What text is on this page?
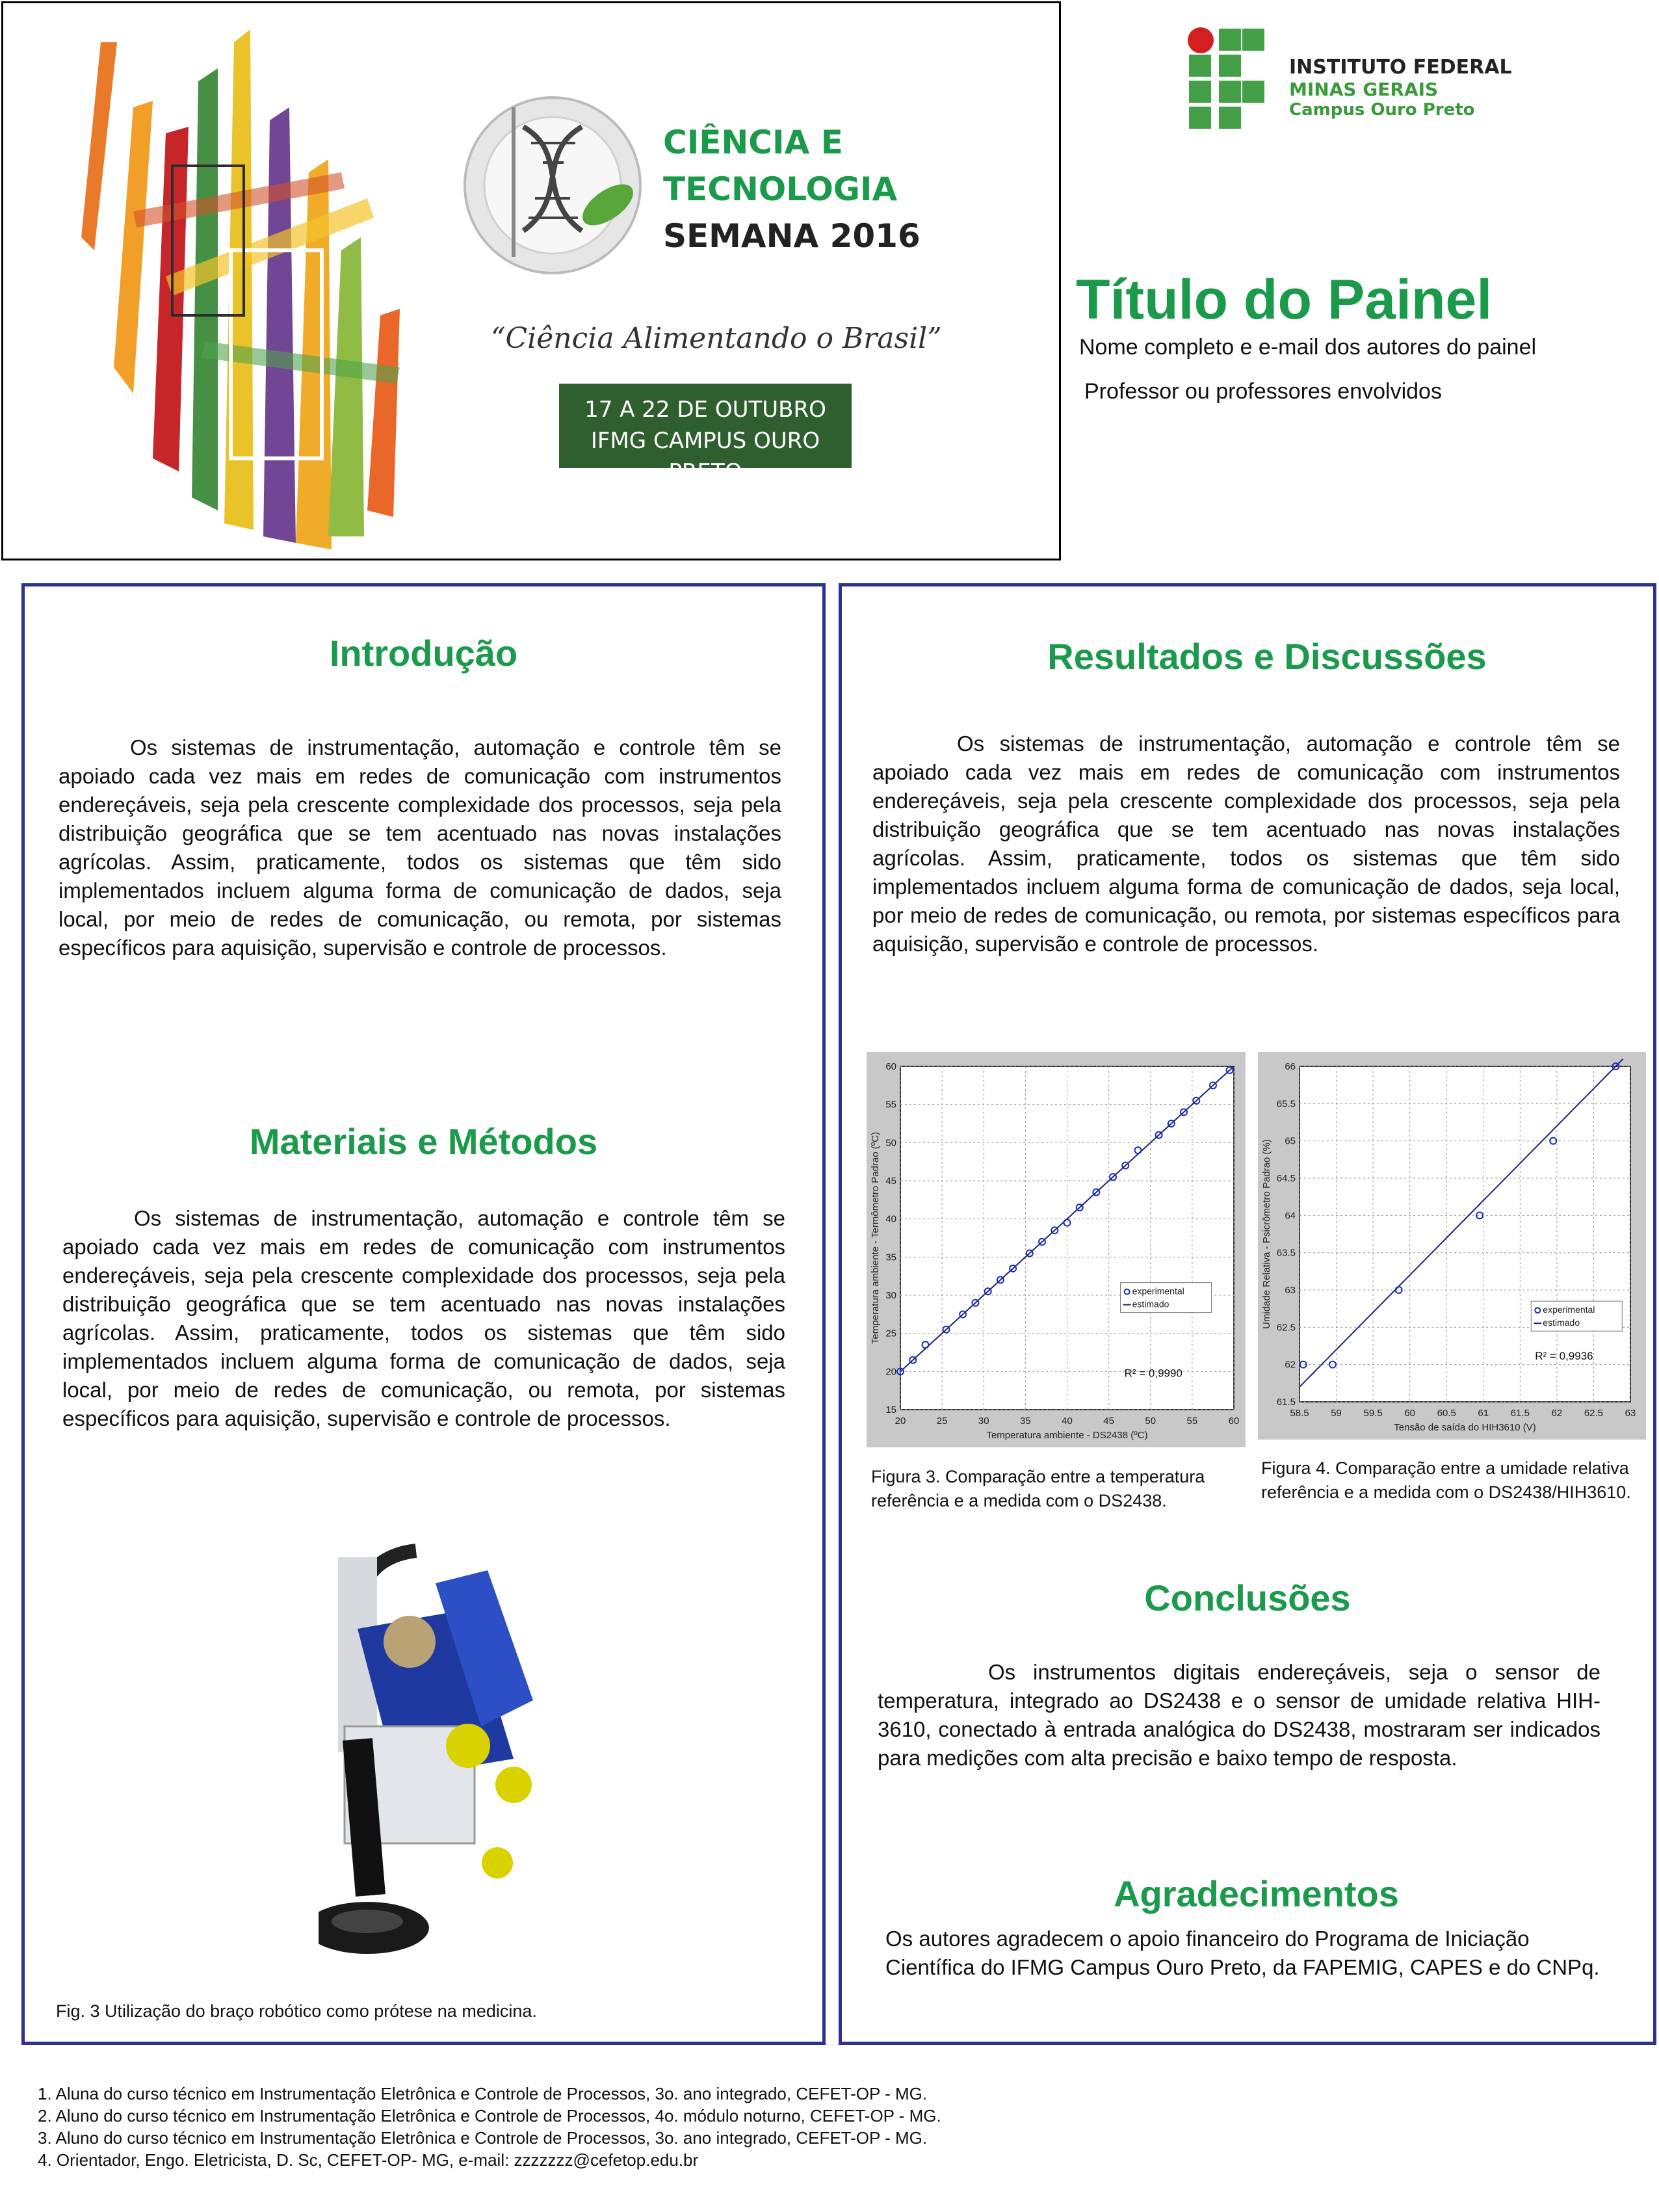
CIÊNCIA E
TECNOLOGIA
SEMANA 2016
“Ciência Alimentando o Brasil”
17 A 22 DE OUTUBRO
IFMG CAMPUS OURO PRETO
INSTITUTO FEDERAL
MINAS GERAIS
Campus Ouro Preto
Título do Painel
Nome completo e e-mail dos autores do painel
Professor ou professores envolvidos
Introdução

Os sistemas de instrumentação, automação e controle têm se apoiado cada vez mais em redes de comunicação com instrumentos endereçáveis, seja pela crescente complexidade dos processos, seja pela distribuição geográfica que se tem acentuado nas novas instalações agrícolas. Assim, praticamente, todos os sistemas que têm sido implementados incluem alguma forma de comunicação de dados, seja local, por meio de redes de comunicação, ou remota, por sistemas específicos para aquisição, supervisão e controle de processos.

Materiais e Métodos

Os sistemas de instrumentação, automação e controle têm se apoiado cada vez mais em redes de comunicação com instrumentos endereçáveis, seja pela crescente complexidade dos processos, seja pela distribuição geográfica que se tem acentuado nas novas instalações agrícolas. Assim, praticamente, todos os sistemas que têm sido implementados incluem alguma forma de comunicação de dados, seja local, por meio de redes de comunicação, ou remota, por sistemas específicos para aquisição, supervisão e controle de processos.

Fig. 3 Utilização do braço robótico como prótese na medicina.
Resultados e Discussões

Os sistemas de instrumentação, automação e controle têm se apoiado cada vez mais em redes de comunicação com instrumentos endereçáveis, seja pela crescente complexidade dos processos, seja pela distribuição geográfica que se tem acentuado nas novas instalações agrícolas. Assim, praticamente, todos os sistemas que têm sido implementados incluem alguma forma de comunicação de dados, seja local, por meio de redes de comunicação, ou remota, por sistemas específicos para aquisição, supervisão e controle de processos.

20	25	30	35	40	45	50	55	60
15
20
25
30
35
40
45
50
55
60
Temperatura ambiente - DS2438 (ºC)
Temperatura ambiente - Termômetro Padrao (ºC)	experimental
estimado
R² = 0,9990
58.5 59 59.5 60 60.5 61 61.5 62 62.5 63
61.5
62
62.5
63
63.5
64
64.5
65
65.5
66
Tensão de saída do HIH3610 (V)
Umidade Relativa - Psicrômetro Padrao (%)	experimental
estimado
R² = 0,9936
Figura 3. Comparação entre a temperatura referência e a medida com o DS2438.
Figura 4. Comparação entre a umidade relativa referência e a medida com o DS2438/HIH3610.
Conclusões

Os instrumentos digitais endereçáveis, seja o sensor de temperatura, integrado ao DS2438 e o sensor de umidade relativa HIH-3610, conectado à entrada analógica do DS2438, mostraram ser indicados para medições com alta precisão e baixo tempo de resposta.

Agradecimentos

Os autores agradecem o apoio financeiro do Programa de Iniciação Científica do IFMG Campus Ouro Preto, da FAPEMIG, CAPES e do CNPq.

1. Aluna do curso técnico em Instrumentação Eletrônica e Controle de Processos, 3o. ano integrado, CEFET-OP - MG.
2. Aluno do curso técnico em Instrumentação Eletrônica e Controle de Processos, 4o. módulo noturno, CEFET-OP - MG.
3. Aluno do curso técnico em Instrumentação Eletrônica e Controle de Processos, 3o. ano integrado, CEFET-OP - MG.
4. Orientador, Engo. Eletricista, D. Sc, CEFET-OP- MG, e-mail: zzzzzzz@cefetop.edu.br
